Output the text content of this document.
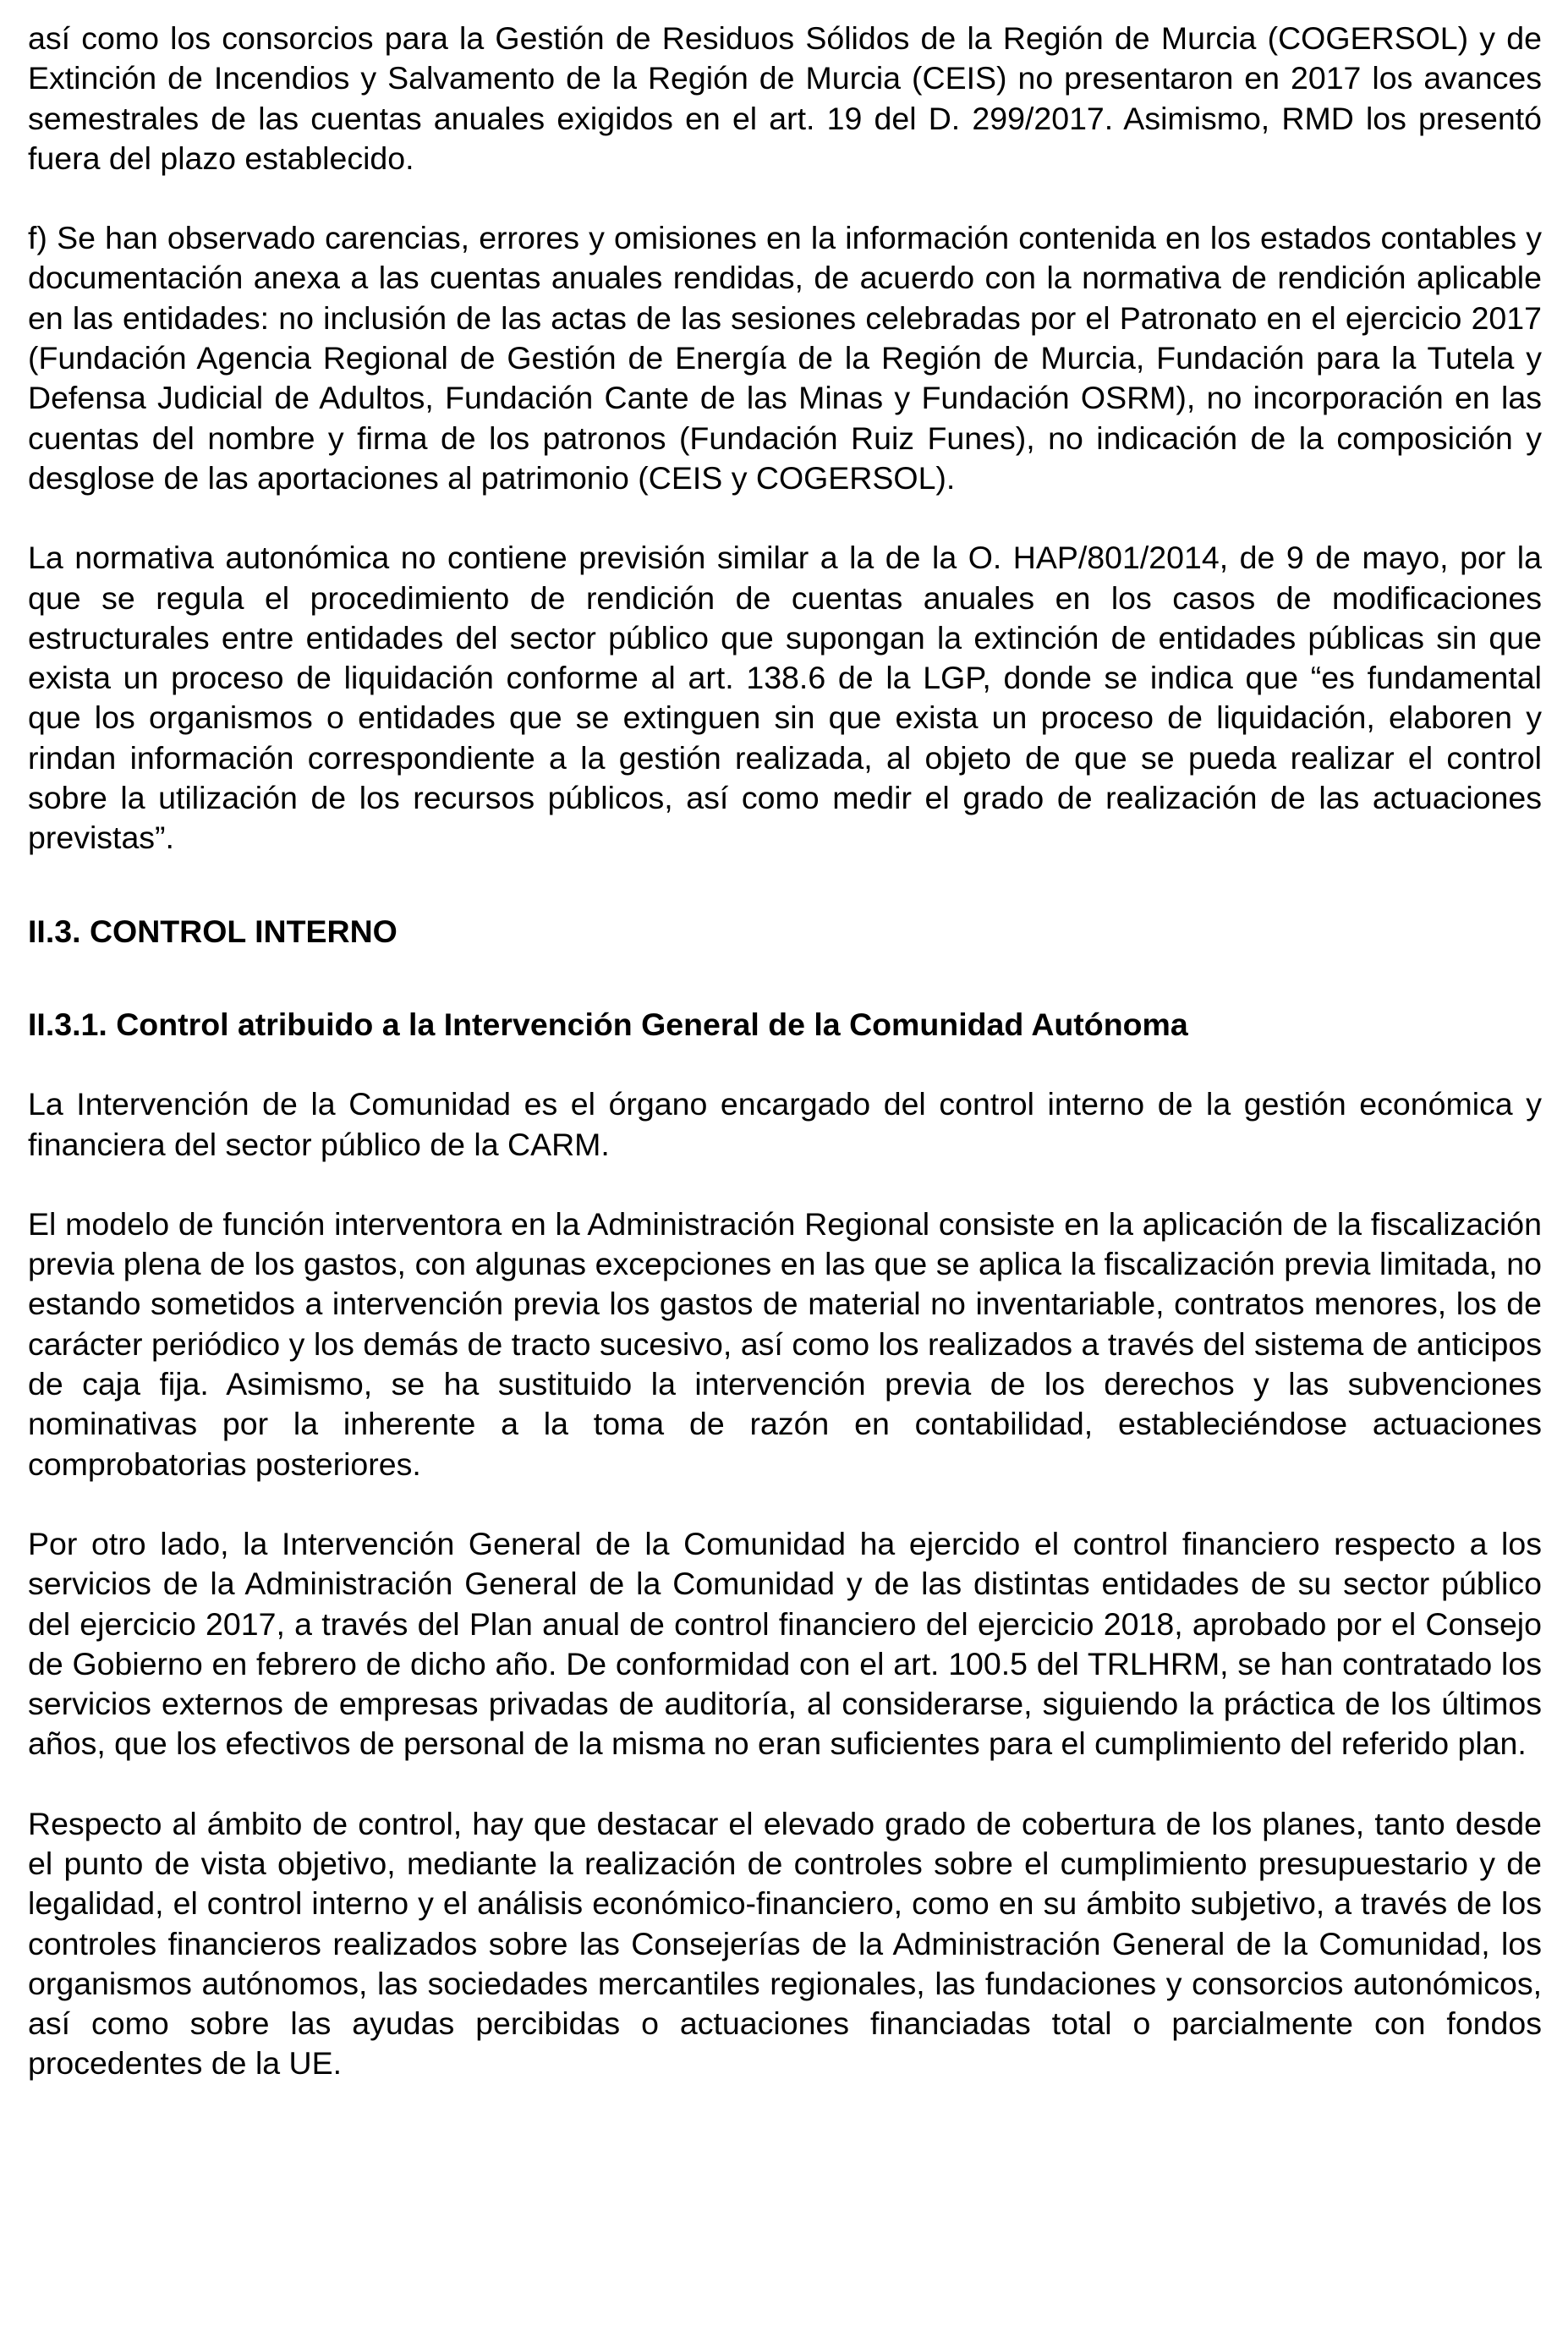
así como los consorcios para la Gestión de Residuos Sólidos de la Región de Murcia (COGERSOL) y de Extinción de Incendios y Salvamento de la Región de Murcia (CEIS) no presentaron en 2017 los avances semestrales de las cuentas anuales exigidos en el art. 19 del D. 299/2017. Asimismo, RMD los presentó fuera del plazo establecido.

f) Se han observado carencias, errores y omisiones en la información contenida en los estados contables y documentación anexa a las cuentas anuales rendidas, de acuerdo con la normativa de rendición aplicable en las entidades: no inclusión de las actas de las sesiones celebradas por el Patronato en el ejercicio 2017 (Fundación Agencia Regional de Gestión de Energía de la Región de Murcia, Fundación para la Tutela y Defensa Judicial de Adultos, Fundación Cante de las Minas y Fundación OSRM), no incorporación en las cuentas del nombre y firma de los patronos (Fundación Ruiz Funes), no indicación de la composición y desglose de las aportaciones al patrimonio (CEIS y COGERSOL).

La normativa autonómica no contiene previsión similar a la de la O. HAP/801/2014, de 9 de mayo, por la que se regula el procedimiento de rendición de cuentas anuales en los casos de modificaciones estructurales entre entidades del sector público que supongan la extinción de entidades públicas sin que exista un proceso de liquidación conforme al art. 138.6 de la LGP, donde se indica que “es fundamental que los organismos o entidades que se extinguen sin que exista un proceso de liquidación, elaboren y rindan información correspondiente a la gestión realizada, al objeto de que se pueda realizar el control sobre la utilización de los recursos públicos, así como medir el grado de realización de las actuaciones previstas”.

II.3. CONTROL INTERNO
II.3.1. Control atribuido a la Intervención General de la Comunidad Autónoma

La Intervención de la Comunidad es el órgano encargado del control interno de la gestión económica y financiera del sector público de la CARM.

El modelo de función interventora en la Administración Regional consiste en la aplicación de la fiscalización previa plena de los gastos, con algunas excepciones en las que se aplica la fiscalización previa limitada, no estando sometidos a intervención previa los gastos de material no inventariable, contratos menores, los de carácter periódico y los demás de tracto sucesivo, así como los realizados a través del sistema de anticipos de caja fija. Asimismo, se ha sustituido la intervención previa de los derechos y las subvenciones nominativas por la inherente a la toma de razón en contabilidad, estableciéndose actuaciones comprobatorias posteriores.

Por otro lado, la Intervención General de la Comunidad ha ejercido el control financiero respecto a los servicios de la Administración General de la Comunidad y de las distintas entidades de su sector público del ejercicio 2017, a través del Plan anual de control financiero del ejercicio 2018, aprobado por el Consejo de Gobierno en febrero de dicho año. De conformidad con el art. 100.5 del TRLHRM, se han contratado los servicios externos de empresas privadas de auditoría, al considerarse, siguiendo la práctica de los últimos años, que los efectivos de personal de la misma no eran suficientes para el cumplimiento del referido plan.

Respecto al ámbito de control, hay que destacar el elevado grado de cobertura de los planes, tanto desde el punto de vista objetivo, mediante la realización de controles sobre el cumplimiento presupuestario y de legalidad, el control interno y el análisis económico-financiero, como en su ámbito subjetivo, a través de los controles financieros realizados sobre las Consejerías de la Administración General de la Comunidad, los organismos autónomos, las sociedades mercantiles regionales, las fundaciones y consorcios autonómicos, así como sobre las ayudas percibidas o actuaciones financiadas total o parcialmente con fondos procedentes de la UE.
